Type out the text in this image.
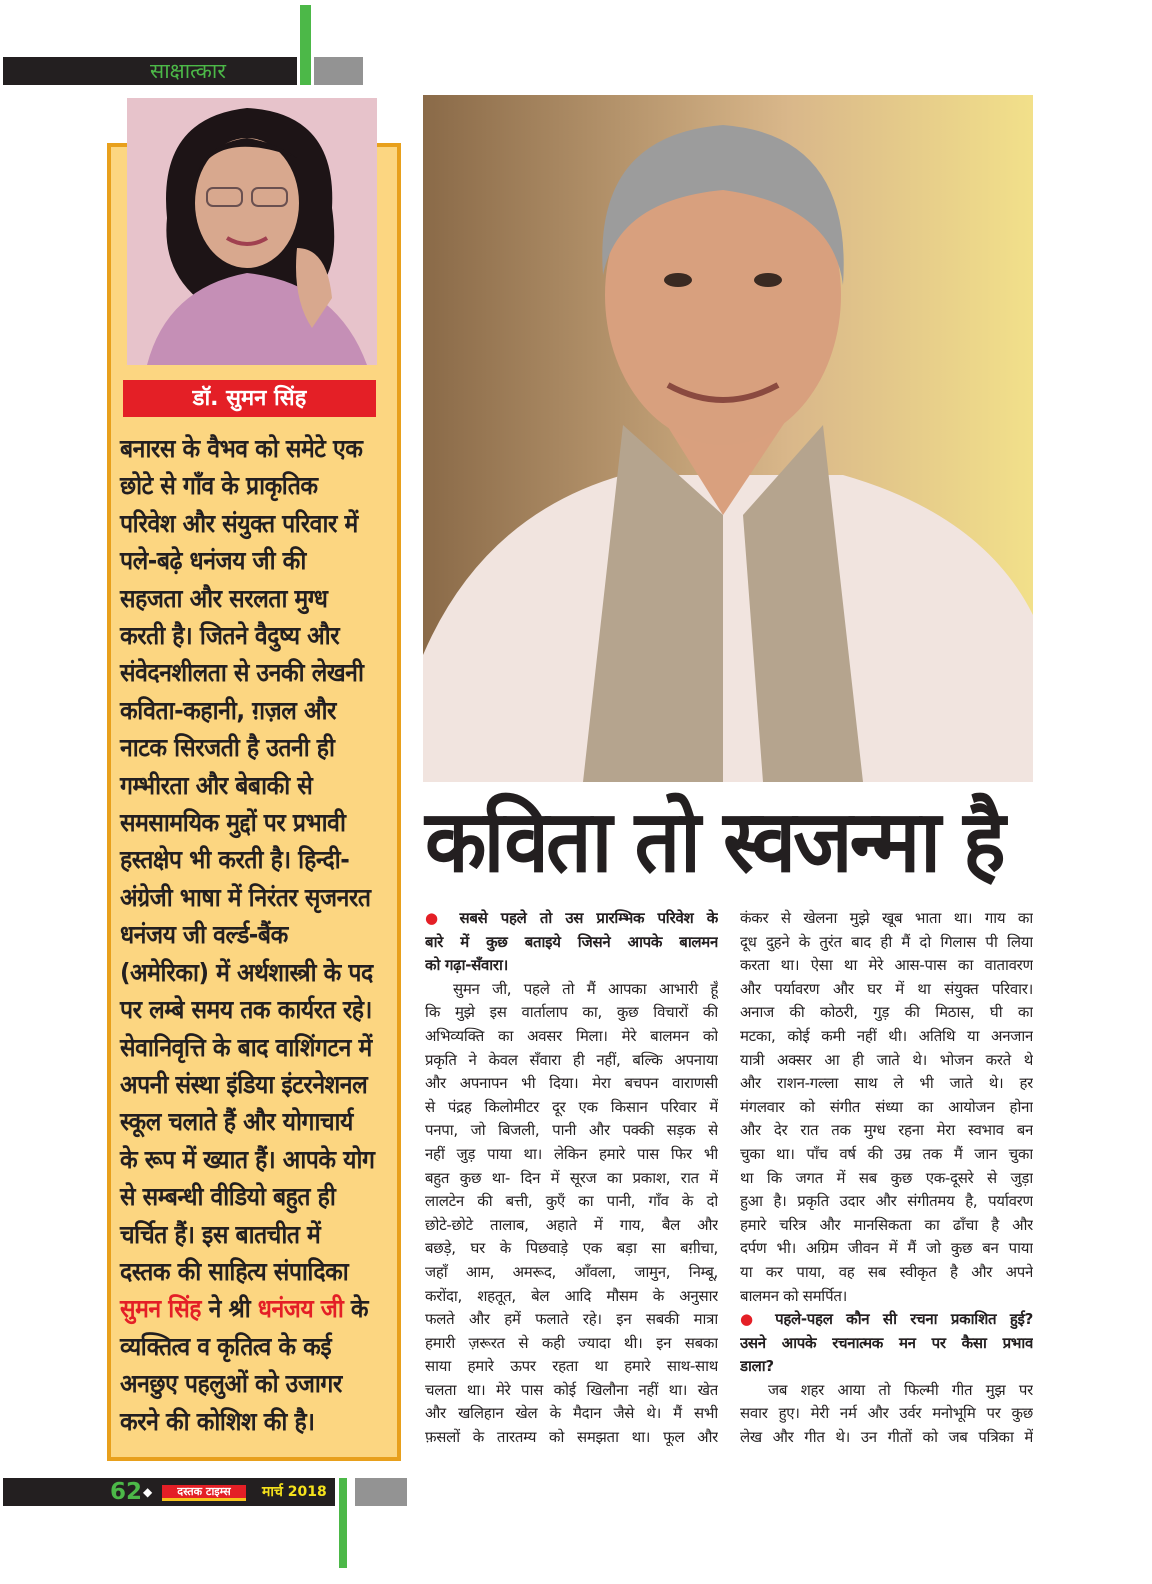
साक्षात्कार
डॉ. सुमन सिंह
बनारस के वैभव को समेटे एक
छोटे से गाँव के प्राकृतिक
परिवेश और संयुक्त परिवार में
पले-बढ़े धनंजय जी की
सहजता और सरलता मुग्ध
करती है। जितने वैदुष्य और
संवेदनशीलता से उनकी लेखनी
कविता-कहानी, ग़ज़ल और
नाटक सिरजती है उतनी ही
गम्भीरता और बेबाकी से
समसामयिक मुद्दों पर प्रभावी
हस्तक्षेप भी करती है। हिन्दी-
अंग्रेजी भाषा में निरंतर सृजनरत
धनंजय जी वर्ल्ड-बैंक
(अमेरिका) में अर्थशास्त्री के पद
पर लम्बे समय तक कार्यरत रहे।
सेवानिवृत्ति के बाद वाशिंगटन में
अपनी संस्था इंडिया इंटरनेशनल
स्कूल चलाते हैं और योगाचार्य
के रूप में ख्यात हैं। आपके योग
से सम्बन्धी वीडियो बहुत ही
चर्चित हैं। इस बातचीत में
दस्तक की साहित्य संपादिका
सुमन सिंह ने श्री धनंजय जी के
व्यक्तित्व व कृतित्व के कई
अनछुए पहलुओं को उजागर
करने की कोशिश की है।
कविता तो स्वजन्मा है
● सबसे पहले तो उस प्रारम्भिक परिवेश के
बारे में कुछ बताइये जिसने आपके बालमन
को गढ़ा-सँवारा।
सुमन जी, पहले तो मैं आपका आभारी हूँ
कि मुझे इस वार्तालाप का, कुछ विचारों की
अभिव्यक्ति का अवसर मिला। मेरे बालमन को
प्रकृति ने केवल सँवारा ही नहीं, बल्कि अपनाया
और अपनापन भी दिया। मेरा बचपन वाराणसी
से पंद्रह किलोमीटर दूर एक किसान परिवार में
पनपा, जो बिजली, पानी और पक्की सड़क से
नहीं जुड़ पाया था। लेकिन हमारे पास फिर भी
बहुत कुछ था- दिन में सूरज का प्रकाश, रात में
लालटेन की बत्ती, कुएँ का पानी, गाँव के दो
छोटे-छोटे तालाब, अहाते में गाय, बैल और
बछड़े, घर के पिछवाड़े एक बड़ा सा बग़ीचा,
जहाँ आम, अमरूद, आँवला, जामुन, निम्बू,
करोंदा, शहतूत, बेल आदि मौसम के अनुसार
फलते और हमें फलाते रहे। इन सबकी मात्रा
हमारी ज़रूरत से कही ज्यादा थी। इन सबका
साया हमारे ऊपर रहता था हमारे साथ-साथ
चलता था। मेरे पास कोई खिलौना नहीं था। खेत
और खलिहान खेल के मैदान जैसे थे। मैं सभी
फ़सलों के तारतम्य को समझता था। फूल और
कंकर से खेलना मुझे खूब भाता था। गाय का
दूध दुहने के तुरंत बाद ही मैं दो गिलास पी लिया
करता था। ऐसा था मेरे आस-पास का वातावरण
और पर्यावरण और घर में था संयुक्त परिवार।
अनाज की कोठरी, गुड़ की मिठास, घी का
मटका, कोई कमी नहीं थी। अतिथि या अनजान
यात्री अक्सर आ ही जाते थे। भोजन करते थे
और राशन-गल्ला साथ ले भी जाते थे। हर
मंगलवार को संगीत संध्या का आयोजन होना
और देर रात तक मुग्ध रहना मेरा स्वभाव बन
चुका था। पाँच वर्ष की उम्र तक मैं जान चुका
था कि जगत में सब कुछ एक-दूसरे से जुड़ा
हुआ है। प्रकृति उदार और संगीतमय है, पर्यावरण
हमारे चरित्र और मानसिकता का ढाँचा है और
दर्पण भी। अग्रिम जीवन में मैं जो कुछ बन पाया
या कर पाया, वह सब स्वीकृत है और अपने
बालमन को समर्पित।
● पहले-पहल कौन सी रचना प्रकाशित हुई?
उसने आपके रचनात्मक मन पर कैसा प्रभाव
डाला?
जब शहर आया तो फिल्मी गीत मुझ पर
सवार हुए। मेरी नर्म और उर्वर मनोभूमि पर कुछ
लेख और गीत थे। उन गीतों को जब पत्रिका में
62 ◆	दस्तक टाइम्स	मार्च 2018
